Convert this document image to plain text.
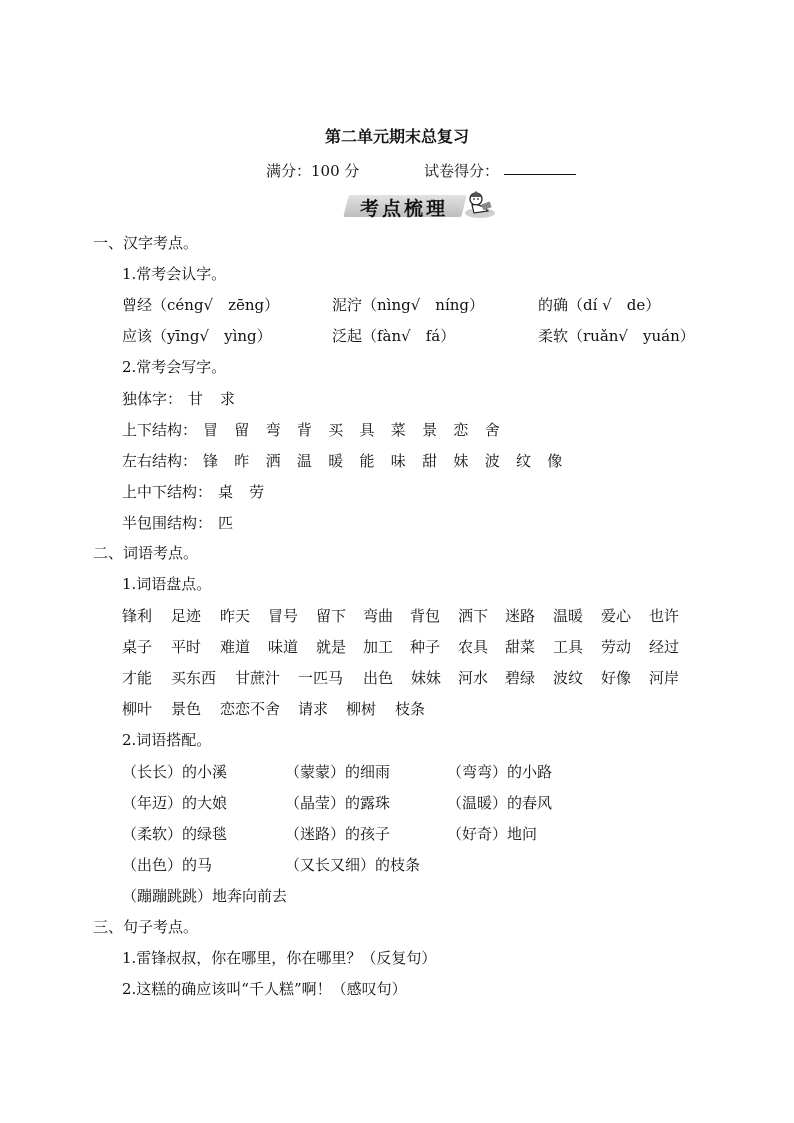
第二单元期末总复习
满分：100 分	试卷得分：
考点梳理
一、汉字考点。
1.常考会认字。
曾经（céng√　zēng）	泥泞（nìng√　níng）	的确（dí √　de）
应该（yīng√　yìng）	泛起（fàn√　fá）	柔软（ruǎn√　yuán）
2.常考会写字。
独体字： 甘 求
上下结构： 冒 留 弯 背 买 具 菜 景 恋 舍
左右结构： 锋 昨 洒 温 暖 能 味 甜 妹 波 纹 像
上中下结构： 桌 劳
半包围结构： 匹
二、词语考点。
1.词语盘点。
锋利 足迹 昨天 冒号 留下 弯曲 背包 洒下 迷路 温暖 爱心 也许
桌子 平时 难道 味道 就是 加工 种子 农具 甜菜 工具 劳动 经过
才能 买东西 甘蔗汁 一匹马 出色 妹妹 河水 碧绿 波纹 好像 河岸
柳叶 景色 恋恋不舍 请求 柳树 枝条
2.词语搭配。
（长长）的小溪	（蒙蒙）的细雨	（弯弯）的小路
（年迈）的大娘	（晶莹）的露珠	（温暖）的春风
（柔软）的绿毯	（迷路）的孩子	（好奇）地问
（出色）的马	（又长又细）的枝条
（蹦蹦跳跳）地奔向前去
三、句子考点。
1.雷锋叔叔，你在哪里，你在哪里？（反复句）
2.这糕的确应该叫“千人糕”啊！（感叹句）
